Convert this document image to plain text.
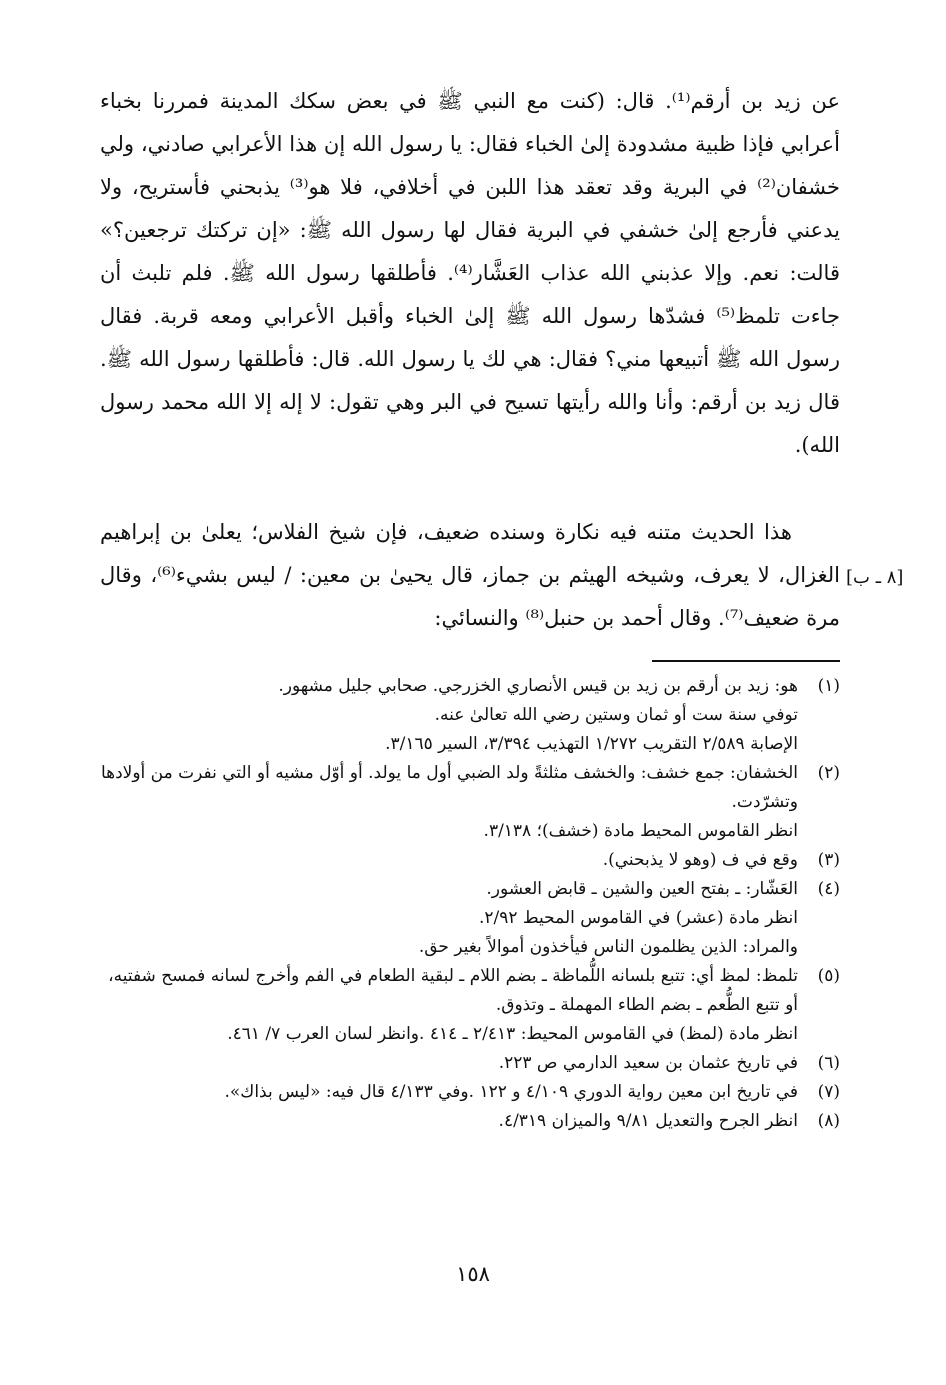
عن زيد بن أرقم⁽¹⁾. قال: (كنت مع النبي ﷺ في بعض سكك المدينة فمررنا بخباء أعرابي فإذا ظبية مشدودة إلىٰ الخباء فقال: يا رسول الله إن هذا الأعرابي صادني، ولي خشفان⁽²⁾ في البرية وقد تعقد هذا اللبن في أخلافي، فلا هو⁽³⁾ يذبحني فأستريح، ولا يدعني فأرجع إلىٰ خشفي في البرية فقال لها رسول الله ﷺ: «إن تركتك ترجعين؟» قالت: نعم. وإلا عذبني الله عذاب العَشَّار⁽⁴⁾. فأطلقها رسول الله ﷺ. فلم تلبث أن جاءت تلمظ⁽⁵⁾ فشدّها رسول الله ﷺ إلىٰ الخباء وأقبل الأعرابي ومعه قربة. فقال رسول الله ﷺ أتبيعها مني؟ فقال: هي لك يا رسول الله. قال: فأطلقها رسول الله ﷺ. قال زيد بن أرقم: وأنا والله رأيتها تسيح في البر وهي تقول: لا إله إلا الله محمد رسول الله).

هذا الحديث متنه فيه نكارة وسنده ضعيف، فإن شيخ الفلاس؛ يعلىٰ بن إبراهيم الغزال، لا يعرف، وشيخه الهيثم بن جماز، قال يحيىٰ بن معين: / ليس بشيء⁽⁶⁾، وقال مرة ضعيف⁽⁷⁾. وقال أحمد بن حنبل⁽⁸⁾ والنسائي:

[٨ ـ ب]
(١)
هو: زيد بن أرقم بن زيد بن قيس الأنصاري الخزرجي. صحابي جليل مشهور.
توفي سنة ست أو ثمان وستين رضي الله تعالىٰ عنه.
الإصابة ٢/٥٨٩ التقريب ١/٢٧٢ التهذيب ٣/٣٩٤، السير ٣/١٦٥.
(٢)
الخشفان: جمع خشف: والخشف مثلثةً ولد الضبي أول ما يولد. أو أوّل مشيه أو التي نفرت من أولادها وتشرّدت.
انظر القاموس المحيط مادة (خشف)؛ ٣/١٣٨.
(٣)
وقع في ف (وهو لا يذبحني).
(٤)
العَشّار: ـ بفتح العين والشين ـ قابض العشور.
انظر مادة (عشر) في القاموس المحيط ٢/٩٢.
والمراد: الذين يظلمون الناس فيأخذون أموالاً بغير حق.
(٥)
تلمظ: لمظ أي: تتبع بلسانه اللُّماظة ـ بضم اللام ـ لبقية الطعام في الفم وأخرج لسانه فمسح شفتيه، أو تتبع الطُّعم ـ بضم الطاء المهملة ـ وتذوق.
انظر مادة (لمظ) في القاموس المحيط: ٢/٤١٣ ـ ٤١٤ .وانظر لسان العرب ٧/ ٤٦١.
(٦)
في تاريخ عثمان بن سعيد الدارمي ص ٢٢٣.
(٧)
في تاريخ ابن معين رواية الدوري ٤/١٠٩ و ١٢٢ .وفي ٤/١٣٣ قال فيه: «ليس بذاك».
(٨)
انظر الجرح والتعديل ٩/٨١ والميزان ٤/٣١٩.
١٥٨
